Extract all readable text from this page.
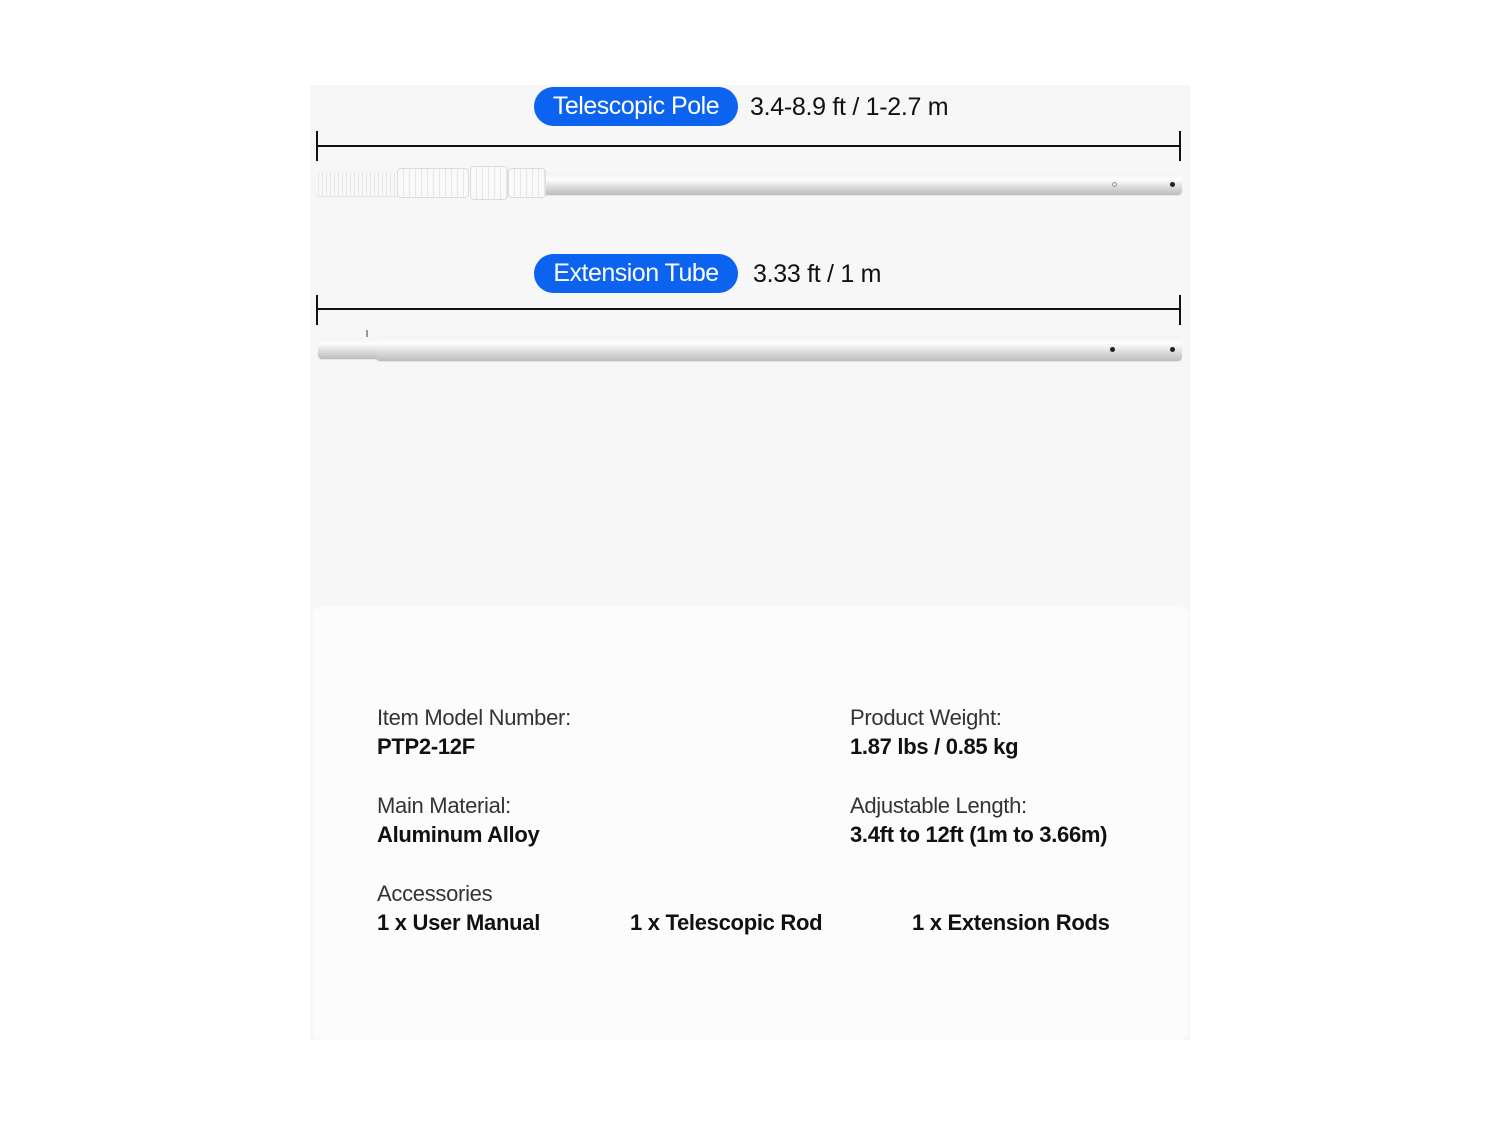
Telescopic Pole	3.4-8.9 ft / 1-2.7 m
Extension Tube	3.33 ft / 1 m
Item Model Number:
PTP2-12F
Product Weight:
1.87 lbs / 0.85 kg
Main Material:
Aluminum Alloy
Adjustable Length:
3.4ft to 12ft (1m to 3.66m)
Accessories
1 x User Manual	1 x Telescopic Rod	1 x Extension Rods
